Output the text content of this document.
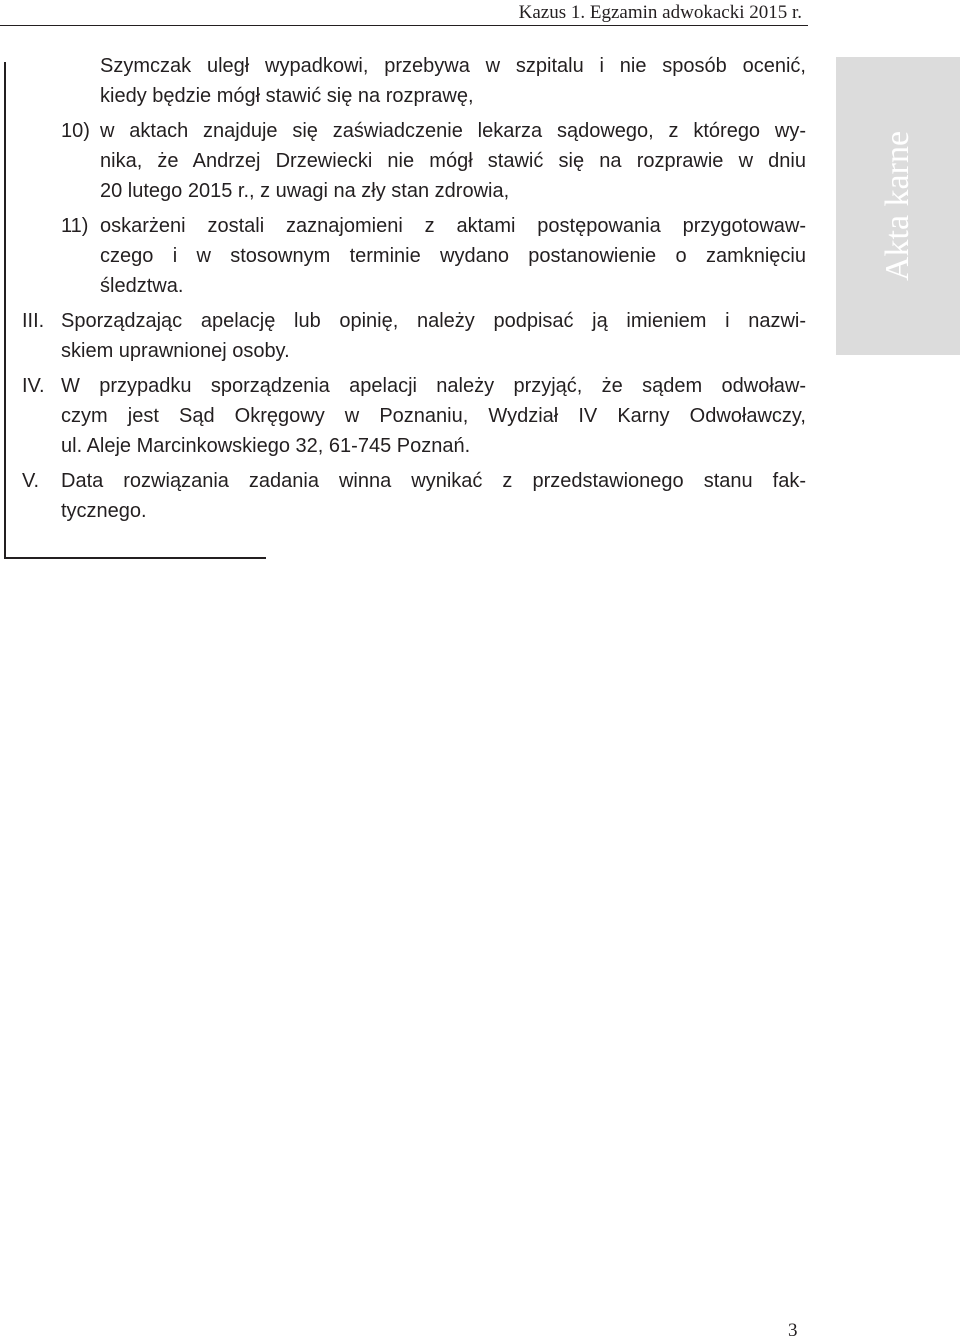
Kazus 1. Egzamin adwokacki 2015 r.
Akta karne
Szymczak uległ wypadkowi, przebywa w szpitalu i nie sposób ocenić,
kiedy będzie mógł stawić się na rozprawę,
10) w aktach znajduje się zaświadczenie lekarza sądowego, z którego wy-
nika, że Andrzej Drzewiecki nie mógł stawić się na rozprawie w dniu
20 lutego 2015 r., z uwagi na zły stan zdrowia,
11) oskarżeni zostali zaznajomieni z aktami postępowania przygotowaw-
czego i w stosownym terminie wydano postanowienie o zamknięciu
śledztwa.
III. Sporządzając apelację lub opinię, należy podpisać ją imieniem i nazwi-
skiem uprawnionej osoby.
IV. W przypadku sporządzenia apelacji należy przyjąć, że sądem odwoław-
czym jest Sąd Okręgowy w Poznaniu, Wydział IV Karny Odwoławczy,
ul. Aleje Marcinkowskiego 32, 61-745 Poznań.
V. Data rozwiązania zadania winna wynikać z przedstawionego stanu fak-
tycznego.
3
